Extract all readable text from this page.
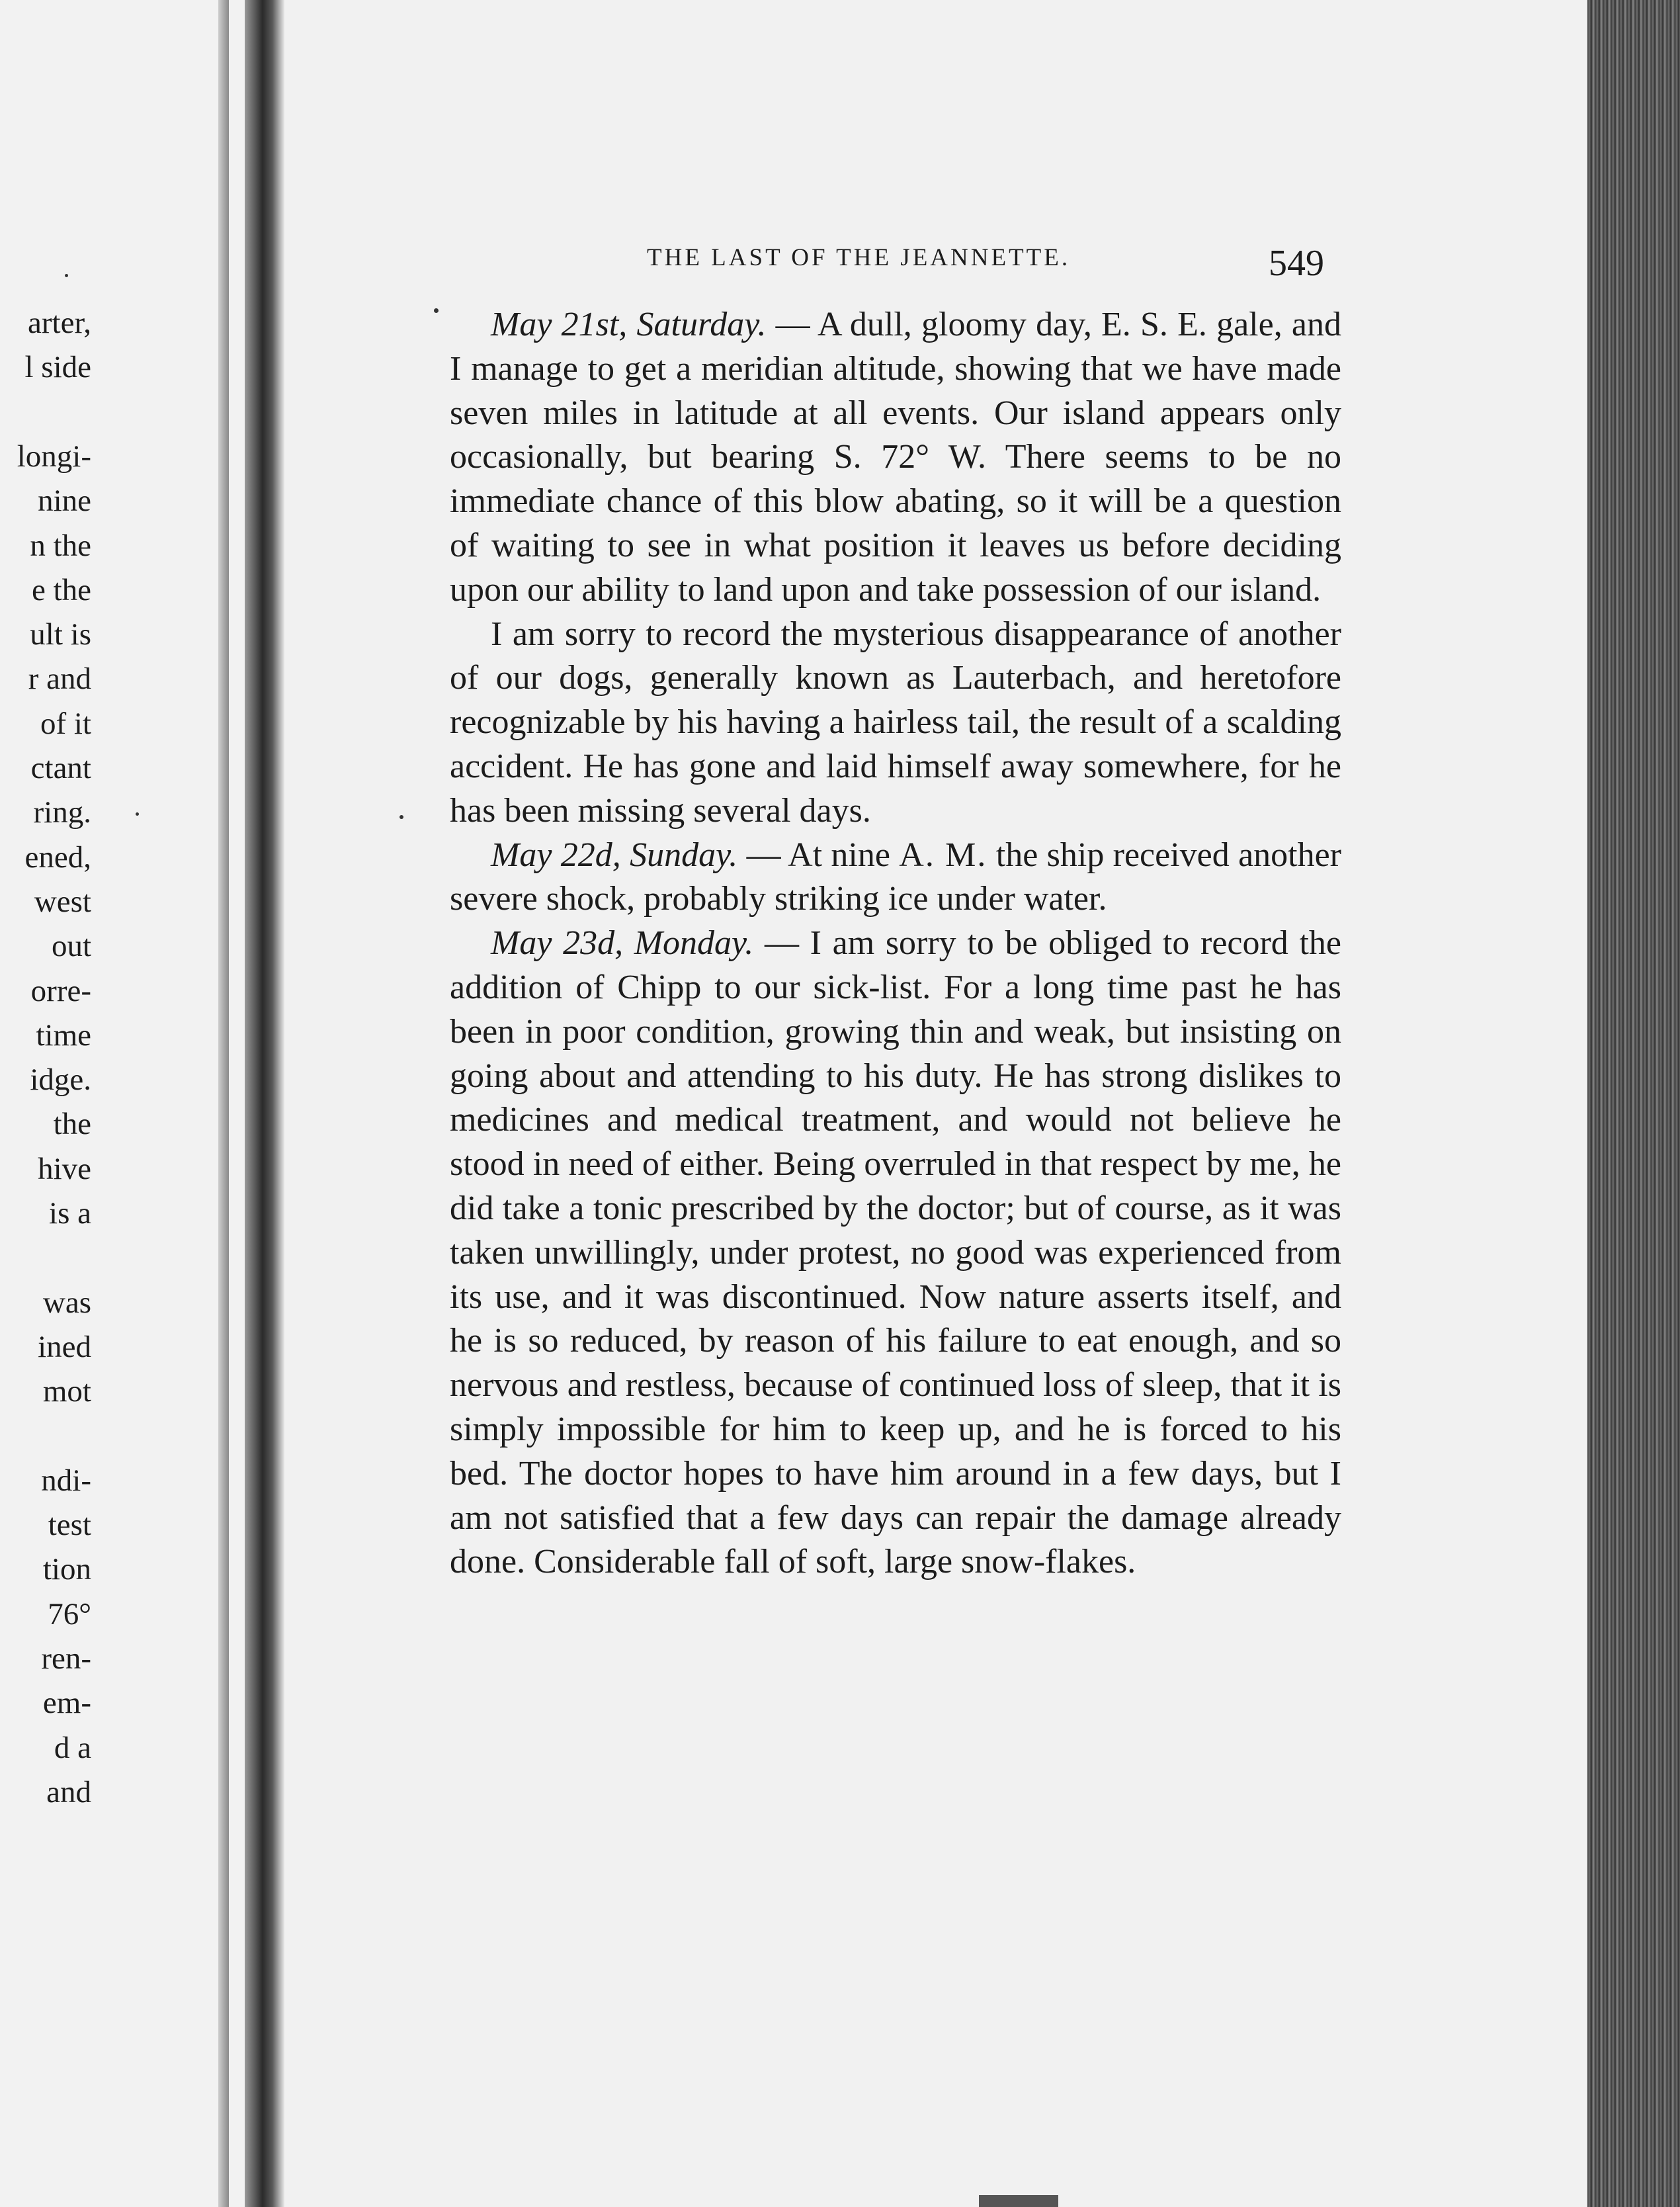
arter,
l side
longi-
nine
n the
e the
ult is
r and
of it
ctant
ring.
ened,
west
out
orre-
time
idge.
the
hive
is a
was
ined
mot
ndi-
test
tion
76°
ren-
em-
d a
and
THE LAST OF THE JEANNETTE.	549

May 21st, Saturday. — A dull, gloomy day, E. S. E. gale, and I manage to get a meridian altitude, showing that we have made seven miles in latitude at all events. Our island appears only occasionally, but bearing S. 72° W. There seems to be no immediate chance of this blow abating, so it will be a question of waiting to see in what position it leaves us before deciding upon our ability to land upon and take possession of our island.

I am sorry to record the mysterious disappearance of another of our dogs, generally known as Lauterbach, and heretofore recognizable by his having a hairless tail, the result of a scalding accident. He has gone and laid himself away somewhere, for he has been missing several days.

May 22d, Sunday. — At nine A. M. the ship received another severe shock, probably striking ice under water.

May 23d, Monday. — I am sorry to be obliged to record the addition of Chipp to our sick-list. For a long time past he has been in poor condition, growing thin and weak, but insisting on going about and attending to his duty. He has strong dislikes to medicines and medical treatment, and would not believe he stood in need of either. Being overruled in that respect by me, he did take a tonic prescribed by the doctor; but of course, as it was taken unwillingly, under protest, no good was experienced from its use, and it was discontinued. Now nature asserts itself, and he is so reduced, by reason of his failure to eat enough, and so nervous and restless, because of continued loss of sleep, that it is simply impossible for him to keep up, and he is forced to his bed. The doctor hopes to have him around in a few days, but I am not satisfied that a few days can repair the damage already done. Considerable fall of soft, large snow-flakes.
